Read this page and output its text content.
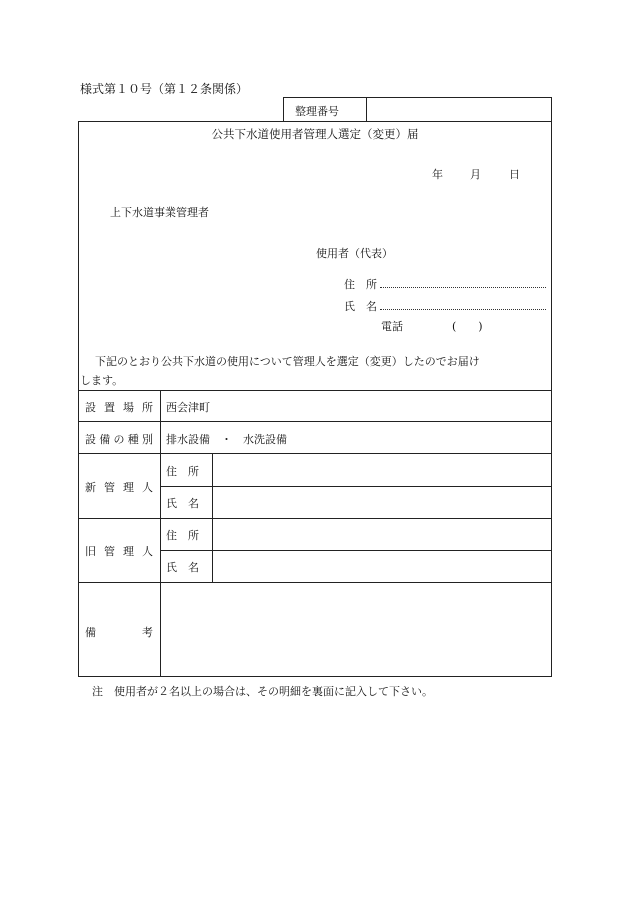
様式第１０号（第１２条関係）
整理番号
公共下水道使用者管理人選定（変更）届
年 月	日
上下水道事業管理者
使用者（代表）
住　所
氏　名
電話	(　　)
下記のとおり公共下水道の使用について管理人を選定（変更）したのでお届け
します。
設 置 場 所 西会津町
設 備 の 種 別 排水設備　・　水洗設備
新 管 理 人
住　所
氏　名
旧 管 理 人
住　所
氏　名
備	考
注　使用者が２名以上の場合は、その明細を裏面に記入して下さい。
